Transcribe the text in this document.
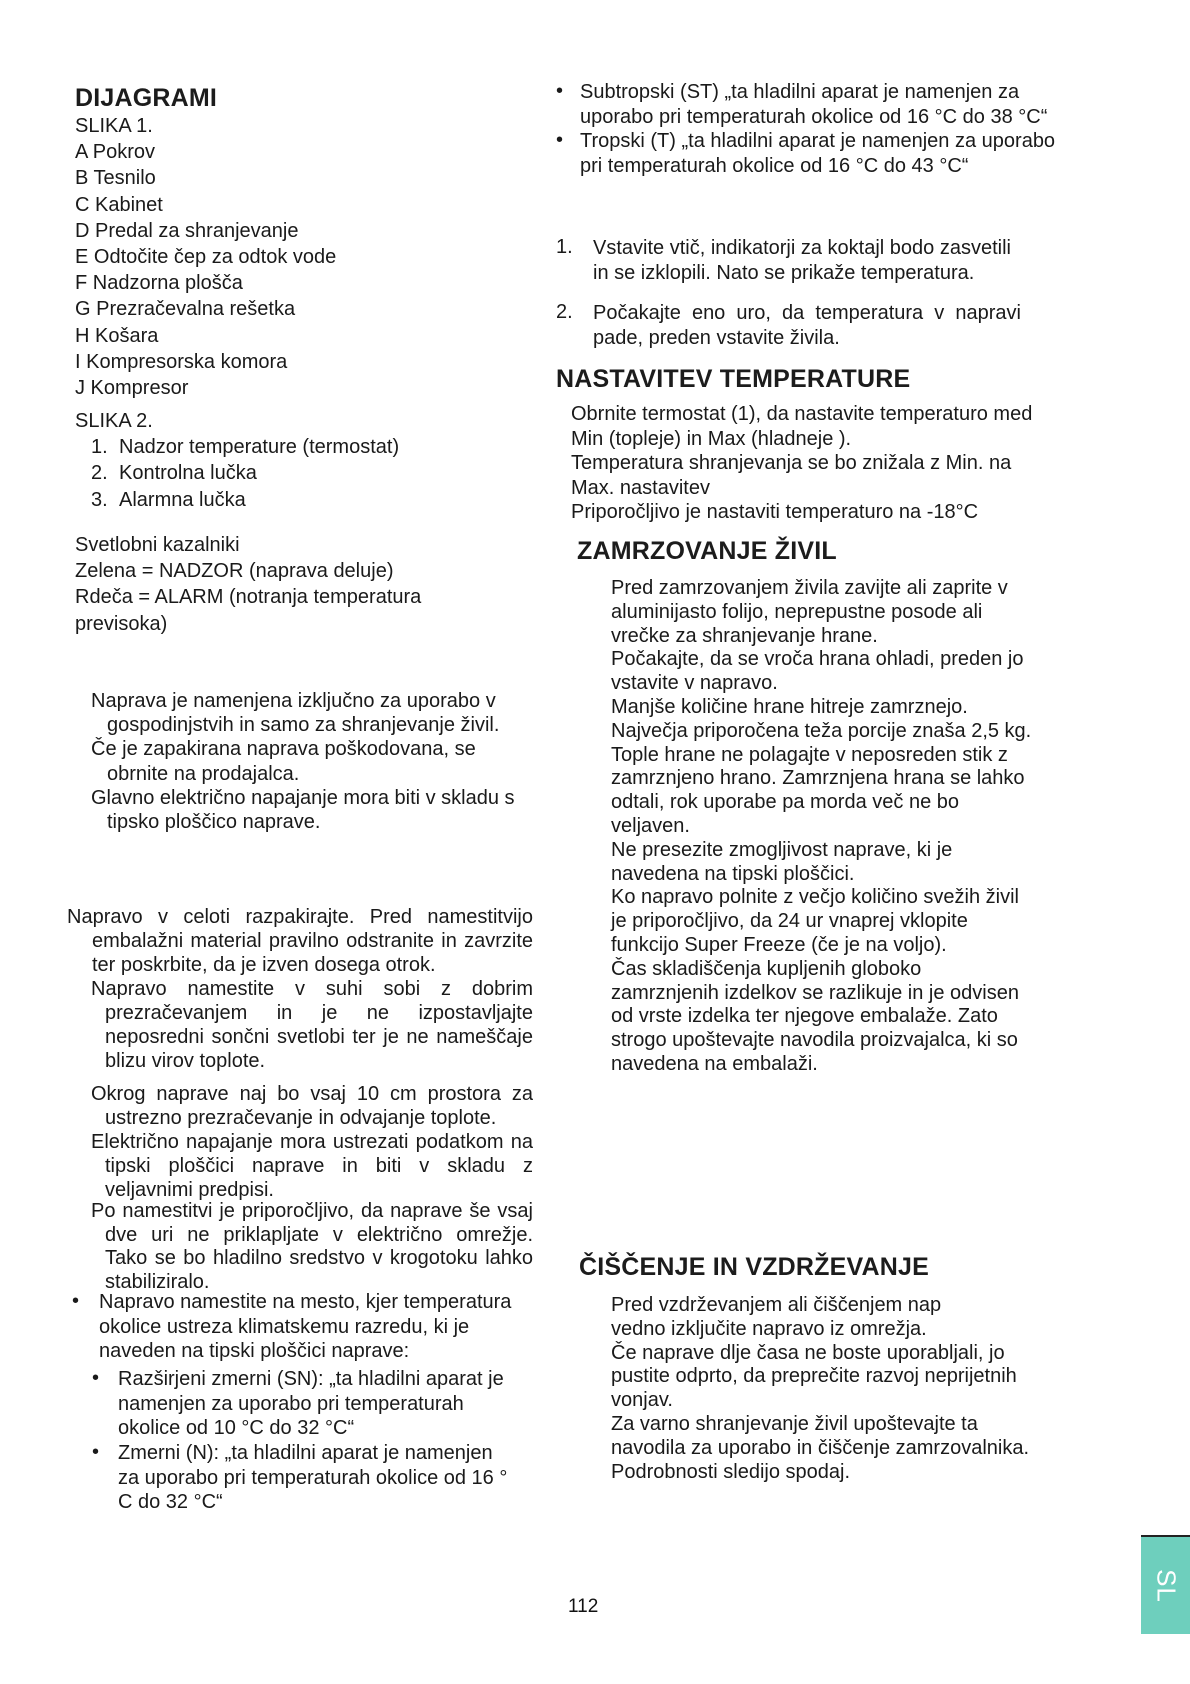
DIJAGRAMI
SLIKA 1.
A Pokrov
B Tesnilo
C Kabinet
D Predal za shranjevanje
E Odtočite čep za odtok vode
F Nadzorna plošča
G Prezračevalna rešetka
H Košara
I Kompresorska komora
J Kompresor
SLIKA 2.
1. Nadzor temperature (termostat)
2. Kontrolna lučka
3. Alarmna lučka
Svetlobni kazalniki
Zelena = NADZOR (naprava deluje)
Rdeča = ALARM (notranja temperatura
previsoka)
Naprava je namenjena izključno za uporabo v
gospodinjstvih in samo za shranjevanje živil.
Če je zapakirana naprava poškodovana, se
obrnite na prodajalca.
Glavno električno napajanje mora biti v skladu s
tipsko ploščico naprave.
Napravo v celoti razpakirajte. Pred namestitvijo
embalažni material pravilno odstranite in zavrzite
ter poskrbite, da je izven dosega otrok.
Napravo namestite v suhi sobi z dobrim
prezračevanjem in je ne izpostavljajte
neposredni sončni svetlobi ter je ne nameščaje
blizu virov toplote.
Okrog naprave naj bo vsaj 10 cm prostora za
ustrezno prezračevanje in odvajanje toplote.
Električno napajanje mora ustrezati podatkom na
tipski ploščici naprave in biti v skladu z
veljavnimi predpisi.
Po namestitvi je priporočljivo, da naprave še vsaj
dve uri ne priklapljate v električno omrežje.
Tako se bo hladilno sredstvo v krogotoku lahko
stabiliziralo.
• Napravo namestite na mesto, kjer temperatura
okolice ustreza klimatskemu razredu, ki je
naveden na tipski ploščici naprave:
• Razširjeni zmerni (SN): „ta hladilni aparat je
namenjen za uporabo pri temperaturah
okolice od 10 °C do 32 °C“
• Zmerni (N): „ta hladilni aparat je namenjen
za uporabo pri temperaturah okolice od 16 °
C do 32 °C“
• Subtropski (ST) „ta hladilni aparat je namenjen za
uporabo pri temperaturah okolice od 16 °C do 38 °C“
• Tropski (T) „ta hladilni aparat je namenjen za uporabo
pri temperaturah okolice od 16 °C do 43 °C“
1. Vstavite vtič, indikatorji za koktajl bodo zasvetili
in se izklopili. Nato se prikaže temperatura.
2. Počakajte eno uro, da temperatura v napravi
pade, preden vstavite živila.
NASTAVITEV TEMPERATURE
Obrnite termostat (1), da nastavite temperaturo med
Min (topleje) in Max (hladneje ).
Temperatura shranjevanja se bo znižala z Min. na
Max. nastavitev
Priporočljivo je nastaviti temperaturo na -18°C
ZAMRZOVANJE ŽIVIL
Pred zamrzovanjem živila zavijte ali zaprite v
aluminijasto folijo, neprepustne posode ali
vrečke za shranjevanje hrane.
Počakajte, da se vroča hrana ohladi, preden jo
vstavite v napravo.
Manjše količine hrane hitreje zamrznejo.
Največja priporočena teža porcije znaša 2,5 kg.
Tople hrane ne polagajte v neposreden stik z
zamrznjeno hrano. Zamrznjena hrana se lahko
odtali, rok uporabe pa morda več ne bo
veljaven.
Ne presezite zmogljivost naprave, ki je
navedena na tipski ploščici.
Ko napravo polnite z večjo količino svežih živil
je priporočljivo, da 24 ur vnaprej vklopite
funkcijo Super Freeze (če je na voljo).
Čas skladiščenja kupljenih globoko
zamrznjenih izdelkov se razlikuje in je odvisen
od vrste izdelka ter njegove embalaže. Zato
strogo upoštevajte navodila proizvajalca, ki so
navedena na embalaži.
ČIŠČENJE IN VZDRŽEVANJE
Pred vzdrževanjem ali čiščenjem nap
vedno izključite napravo iz omrežja.
Če naprave dlje časa ne boste uporabljali, jo
pustite odprto, da preprečite razvoj neprijetnih
vonjav.
Za varno shranjevanje živil upoštevajte ta
navodila za uporabo in čiščenje zamrzovalnika.
Podrobnosti sledijo spodaj.
112
SL
